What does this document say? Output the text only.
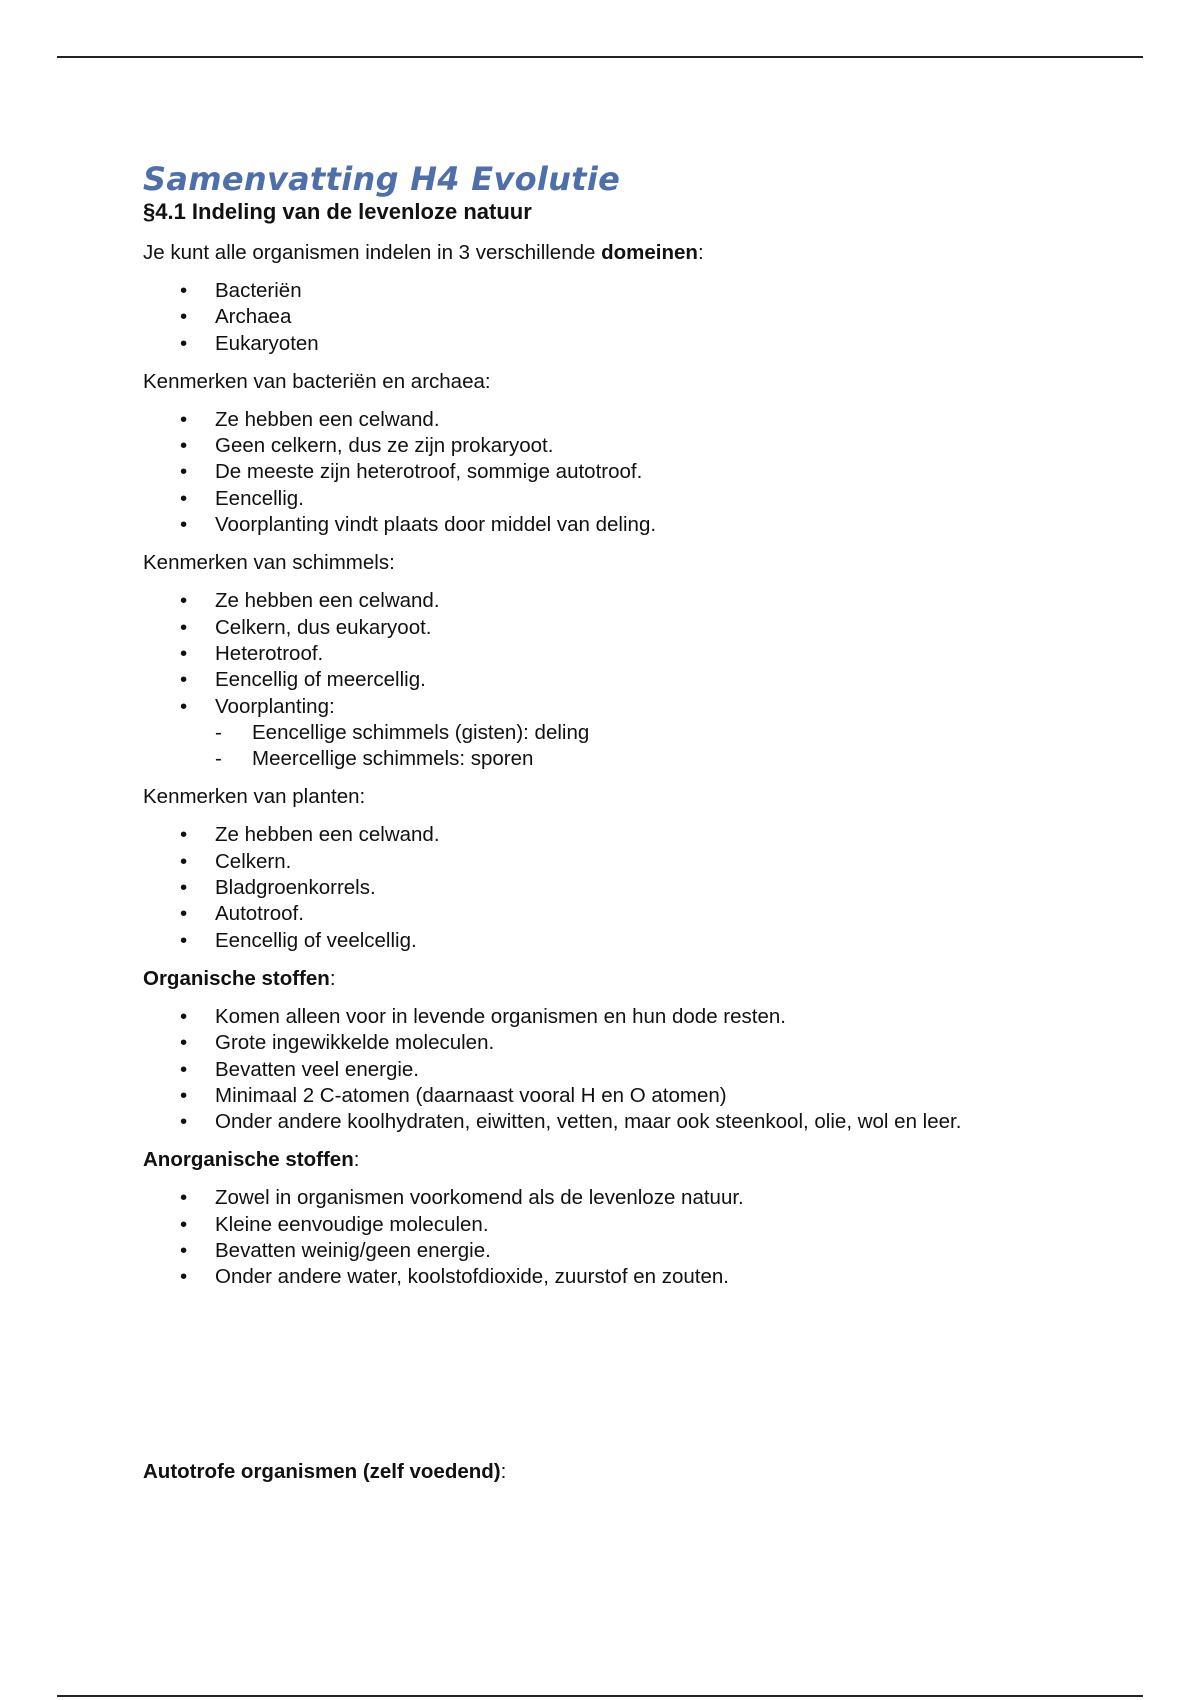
Samenvatting H4 Evolutie
§4.1 Indeling van de levenloze natuur

Je kunt alle organismen indelen in 3 verschillende domeinen:

• Bacteriën
• Archaea
• Eukaryoten

Kenmerken van bacteriën en archaea:

• Ze hebben een celwand.
• Geen celkern, dus ze zijn prokaryoot.
• De meeste zijn heterotroof, sommige autotroof.
• Eencellig.
• Voorplanting vindt plaats door middel van deling.

Kenmerken van schimmels:

• Ze hebben een celwand.
• Celkern, dus eukaryoot.
• Heterotroof.
• Eencellig of meercellig.
• Voorplanting:
- Eencellige schimmels (gisten): deling
- Meercellige schimmels: sporen

Kenmerken van planten:

• Ze hebben een celwand.
• Celkern.
• Bladgroenkorrels.
• Autotroof.
• Eencellig of veelcellig.

Organische stoffen:

• Komen alleen voor in levende organismen en hun dode resten.
• Grote ingewikkelde moleculen.
• Bevatten veel energie.
• Minimaal 2 C-atomen (daarnaast vooral H en O atomen)
• Onder andere koolhydraten, eiwitten, vetten, maar ook steenkool, olie, wol en leer.

Anorganische stoffen:

• Zowel in organismen voorkomend als de levenloze natuur.
• Kleine eenvoudige moleculen.
• Bevatten weinig/geen energie.
• Onder andere water, koolstofdioxide, zuurstof en zouten.

Autotrofe organismen (zelf voedend):
